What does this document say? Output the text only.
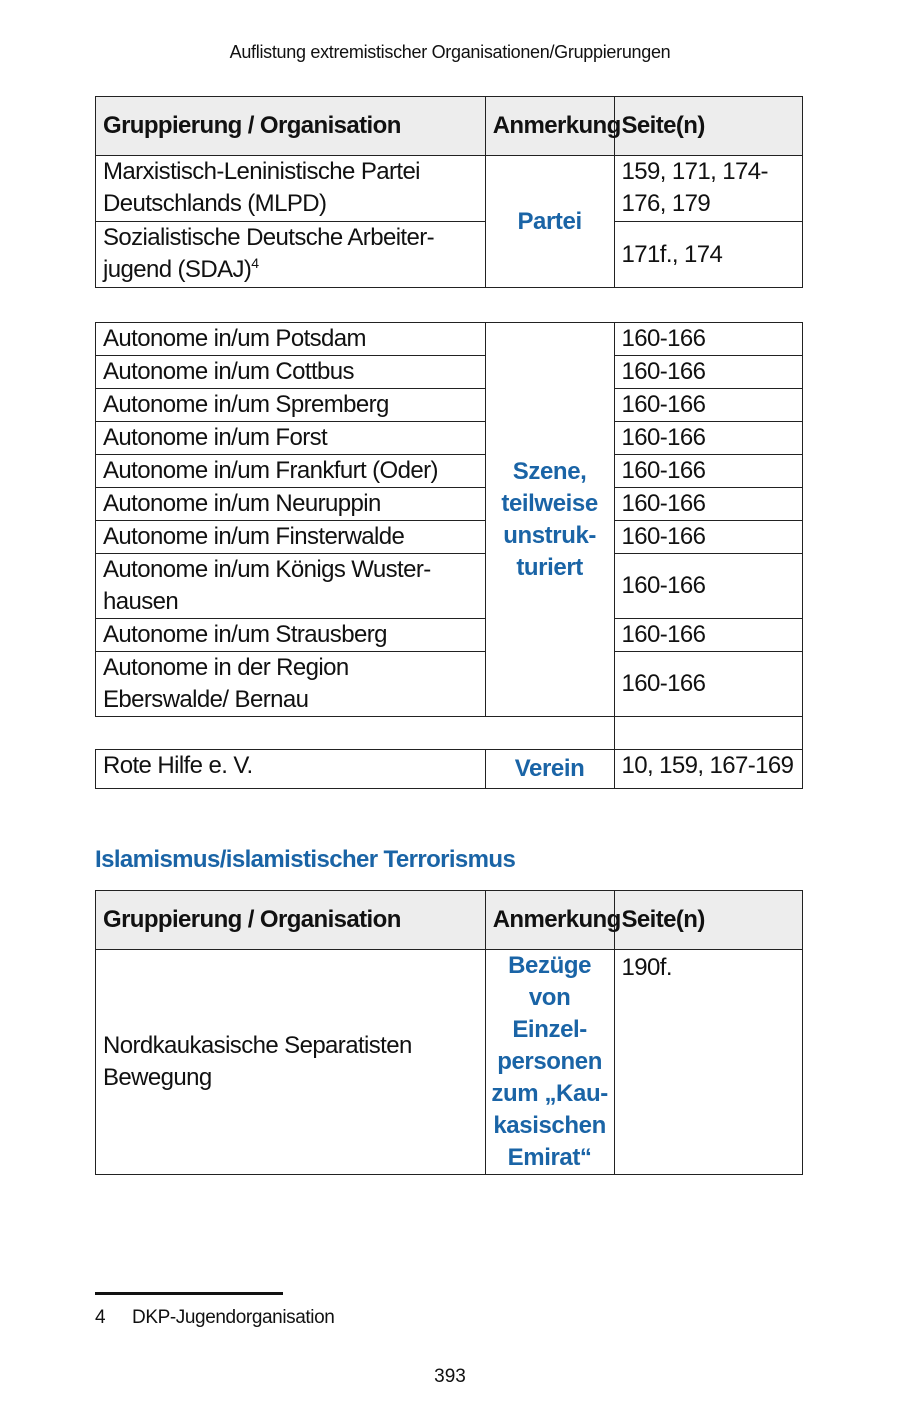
Auflistung extremistischer Organisationen/Gruppierungen
Gruppierung / Organisation	Anmerkung	Seite(n)
Marxistisch-Leninistische Partei Deutschlands (MLPD)	Partei	159, 171, 174-176, 179
Sozialistische Deutsche Arbeiter-jugend (SDAJ)$^4$		171f., 174
Autonome in/um Potsdam	Szene, teilweise unstruk-turiert	160-166
Autonome in/um Cottbus		160-166
Autonome in/um Spremberg		160-166
Autonome in/um Forst		160-166
Autonome in/um Frankfurt (Oder)		160-166
Autonome in/um Neuruppin		160-166
Autonome in/um Finsterwalde		160-166
Autonome in/um Königs Wuster-hausen		160-166
Autonome in/um Strausberg		160-166
Autonome in der Region Eberswalde/ Bernau		160-166

Rote Hilfe e. V.	Verein	10, 159, 167-169
Islamismus/islamistischer Terrorismus
Gruppierung / Organisation	Anmerkung	Seite(n)
Nordkaukasische Separatisten Bewegung	Bezüge von Einzel-personen zum „Kau-kasischen Emirat“	190f.
4 DKP-Jugendorganisation
393
